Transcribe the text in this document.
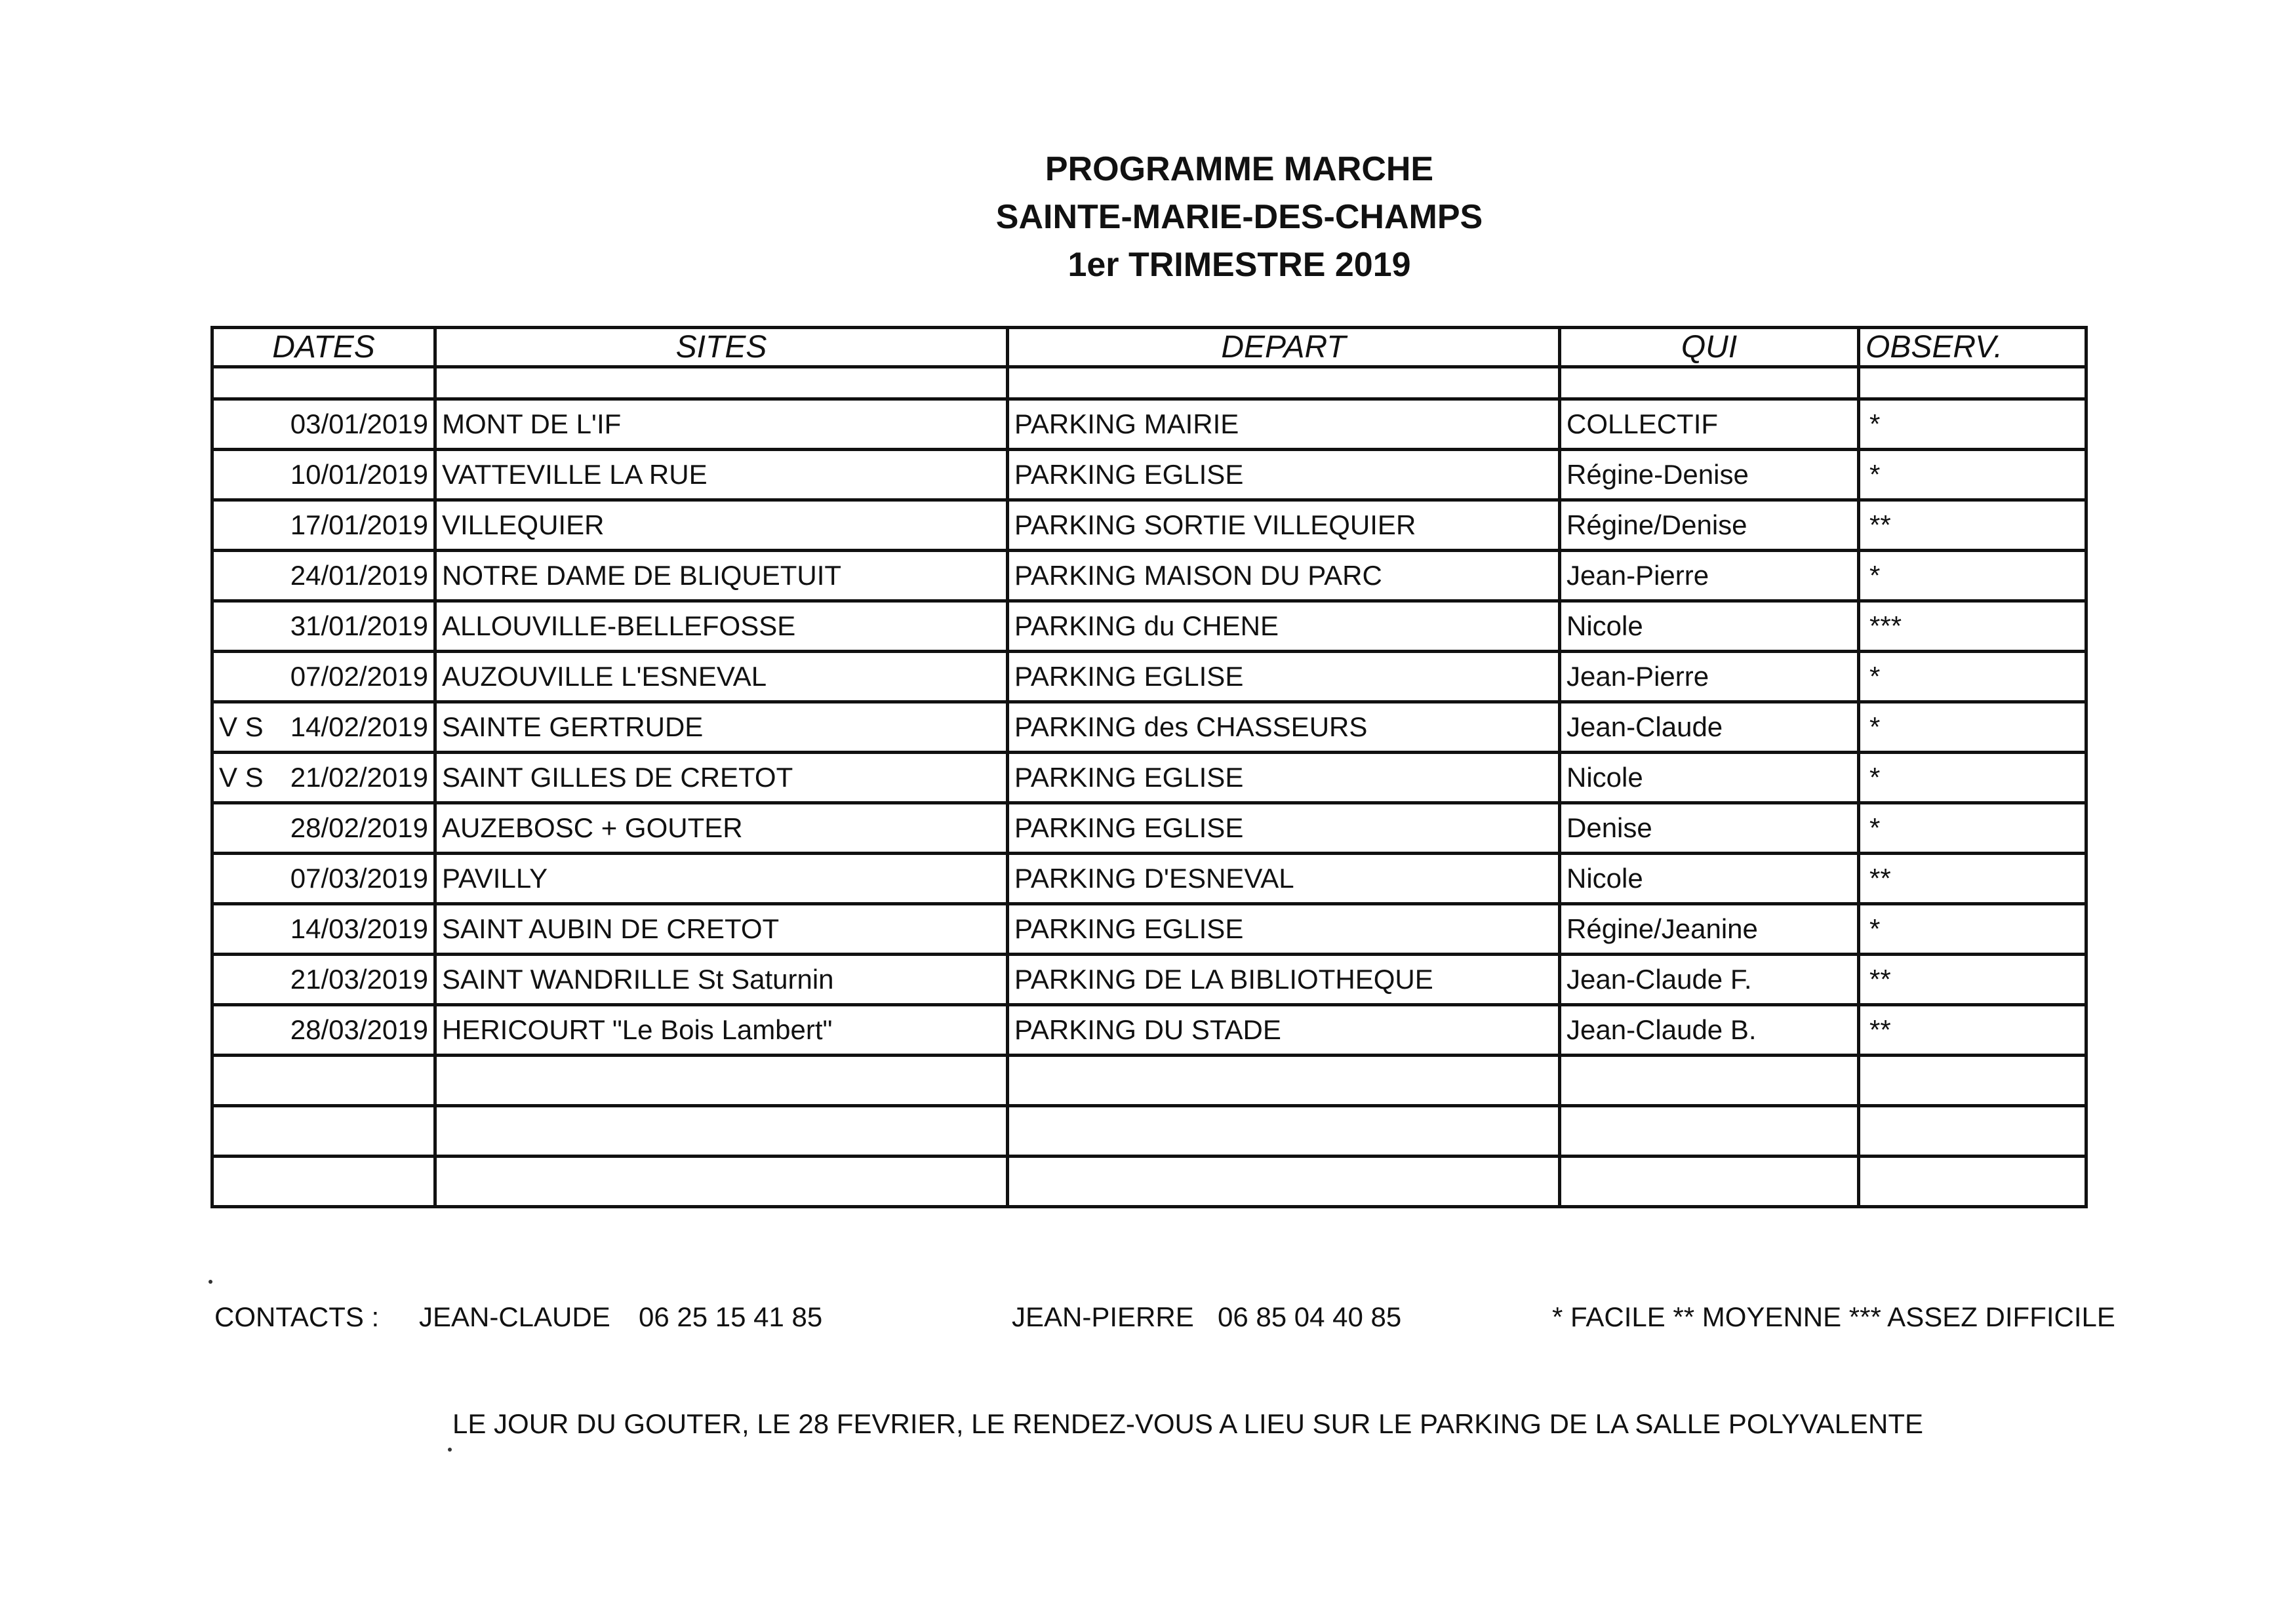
PROGRAMME MARCHE
SAINTE-MARIE-DES-CHAMPS
1er TRIMESTRE 2019
DATES	SITES	DEPART	QUI	OBSERV.

03/01/2019	MONT DE L'IF	PARKING MAIRIE	COLLECTIF	*
10/01/2019	VATTEVILLE LA RUE	PARKING EGLISE	Régine-Denise	*
17/01/2019	VILLEQUIER	PARKING SORTIE VILLEQUIER	Régine/Denise	**
24/01/2019	NOTRE DAME DE BLIQUETUIT	PARKING MAISON DU PARC	Jean-Pierre	*
31/01/2019	ALLOUVILLE-BELLEFOSSE	PARKING du CHENE	Nicole	***
07/02/2019	AUZOUVILLE L'ESNEVAL	PARKING EGLISE	Jean-Pierre	*

V S 14/02/2019	SAINTE GERTRUDE	PARKING des CHASSEURS	Jean-Claude	*

V S 21/02/2019	SAINT GILLES DE CRETOT	PARKING EGLISE	Nicole	*
28/02/2019	AUZEBOSC + GOUTER	PARKING EGLISE	Denise	*
07/03/2019	PAVILLY	PARKING D'ESNEVAL	Nicole	**
14/03/2019	SAINT AUBIN DE CRETOT	PARKING EGLISE	Régine/Jeanine	*
21/03/2019	SAINT WANDRILLE St Saturnin	PARKING DE LA BIBLIOTHEQUE	Jean-Claude F.	**
28/03/2019	HERICOURT "Le Bois Lambert"	PARKING DU STADE	Jean-Claude B.	**

CONTACTS : JEAN-CLAUDE 06 25 15 41 85	JEAN-PIERRE 06 85 04 40 85	* FACILE ** MOYENNE *** ASSEZ DIFFICILE
LE JOUR DU GOUTER, LE 28 FEVRIER, LE RENDEZ-VOUS A LIEU SUR LE PARKING DE LA SALLE POLYVALENTE
